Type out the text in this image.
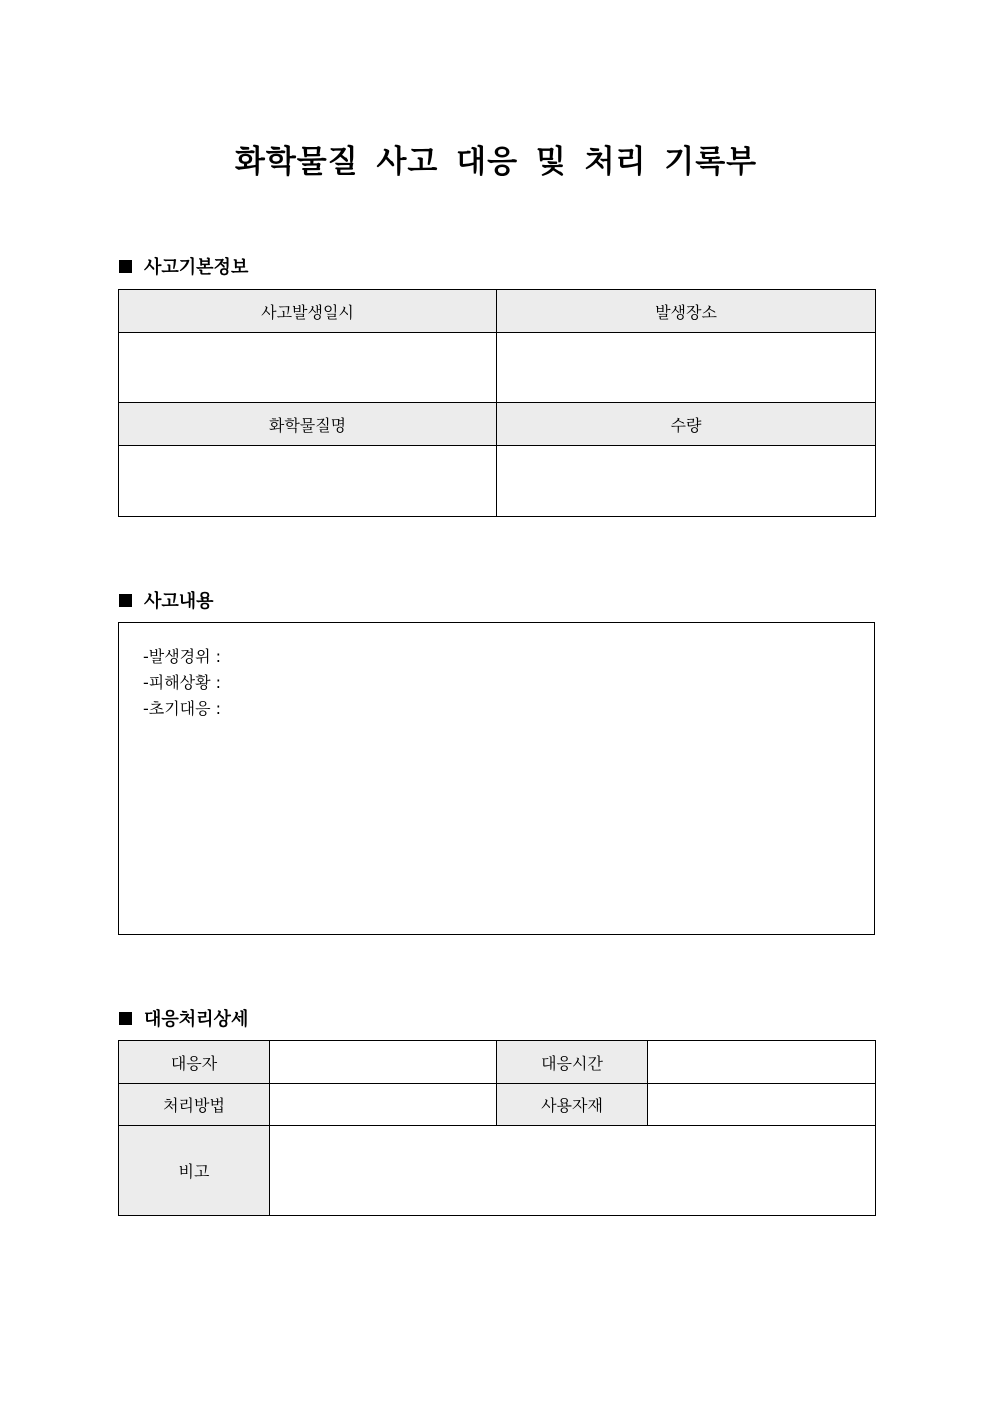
화학물질 사고 대응 및 처리 기록부
사고기본정보
사고발생일시	발생장소

화학물질명	수량

사고내용
-발생경위 :
-피해상황 :
-초기대응 :
대응처리상세
대응자		대응시간	
처리방법		사용자재	
비고			
